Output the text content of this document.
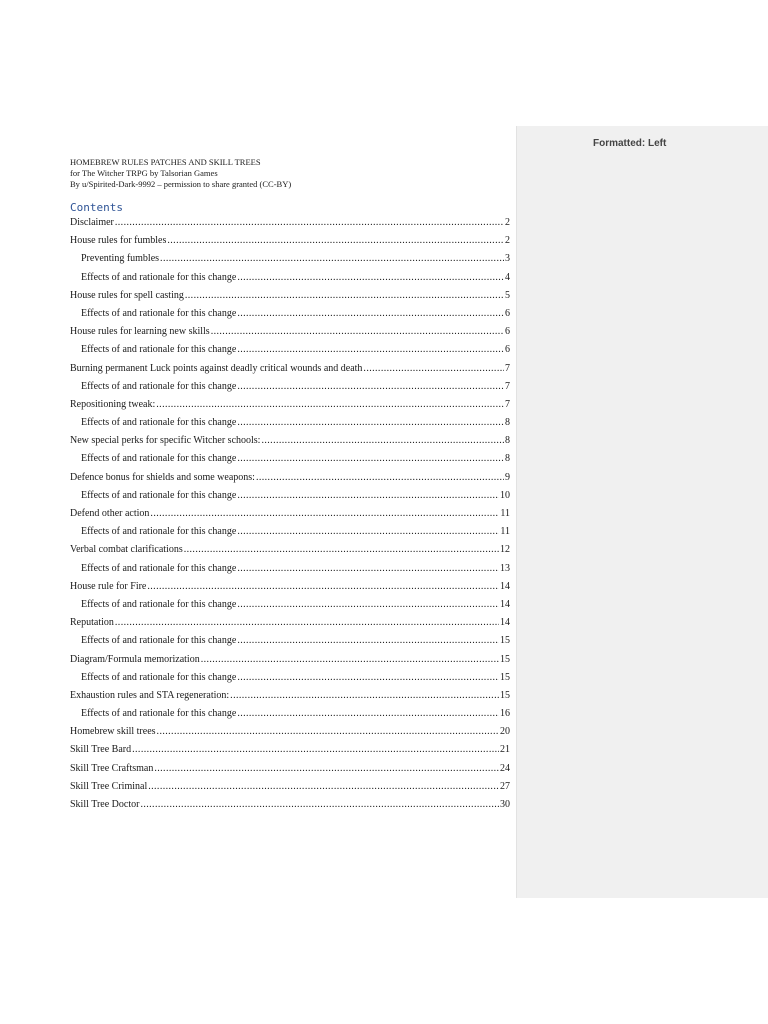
Formatted: Left
HOMEBREW RULES PATCHES AND SKILL TREES
for The Witcher TRPG by Talsorian Games
By u/Spirited-Dark-9992 – permission to share granted (CC-BY)
Contents
Disclaimer .....	2
House rules for fumbles .....	2
Preventing fumbles .....	3
Effects of and rationale for this change .....	4
House rules for spell casting .....	5
Effects of and rationale for this change .....	6
House rules for learning new skills .....	6
Effects of and rationale for this change .....	6
Burning permanent Luck points against deadly critical wounds and death .....	7
Effects of and rationale for this change .....	7
Repositioning tweak: .....	7
Effects of and rationale for this change .....	8
New special perks for specific Witcher schools: .....	8
Effects of and rationale for this change .....	8
Defence bonus for shields and some weapons: .....	9
Effects of and rationale for this change .....	10
Defend other action .....	11
Effects of and rationale for this change .....	11
Verbal combat clarifications .....	12
Effects of and rationale for this change .....	13
House rule for Fire .....	14
Effects of and rationale for this change .....	14
Reputation .....	14
Effects of and rationale for this change .....	15
Diagram/Formula memorization .....	15
Effects of and rationale for this change .....	15
Exhaustion rules and STA regeneration: .....	15
Effects of and rationale for this change .....	16
Homebrew skill trees .....	20
Skill Tree Bard .....	21
Skill Tree Craftsman .....	24
Skill Tree Criminal .....	27
Skill Tree Doctor .....	30
